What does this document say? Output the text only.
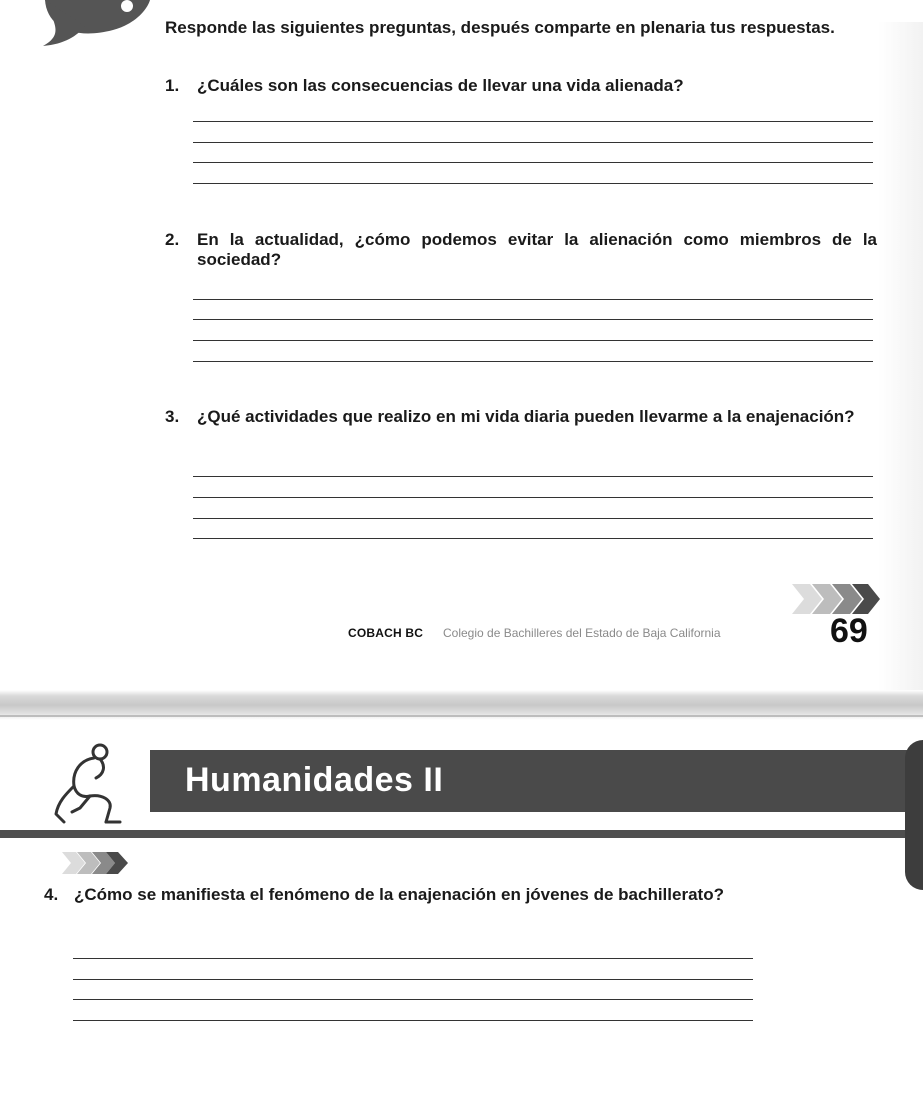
Responde las siguientes preguntas, después comparte en plenaria tus respuestas.
1. ¿Cuáles son las consecuencias de llevar una vida alienada?
2. En la actualidad, ¿cómo podemos evitar la alienación como miembros de la sociedad?
3. ¿Qué actividades que realizo en mi vida diaria pueden llevarme a la enajenación?
COBACH BC Colegio de Bachilleres del Estado de Baja California	69
Humanidades II
4. ¿Cómo se manifiesta el fenómeno de la enajenación en jóvenes de bachillerato?
